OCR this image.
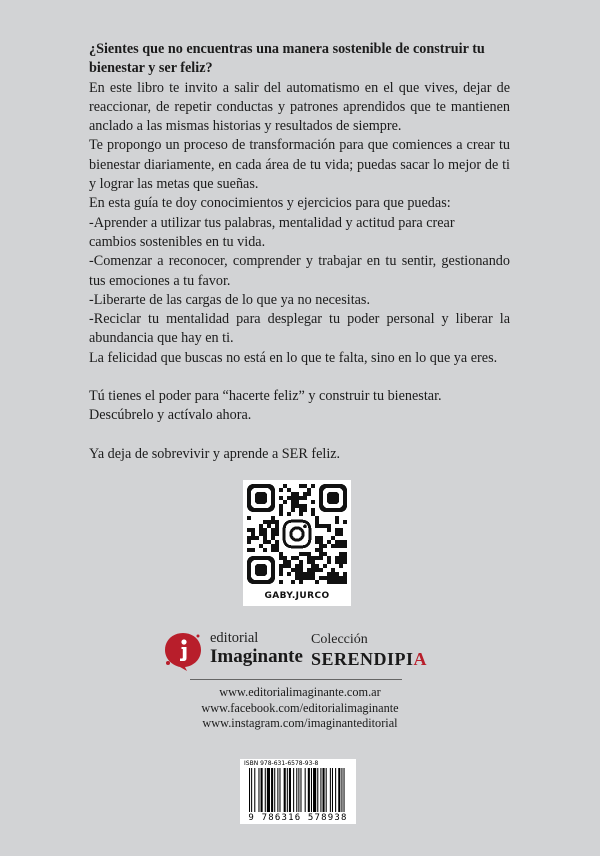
¿Sientes que no encuentras una manera sostenible de construir tu
bienestar y ser feliz?

En este libro te invito a salir del automatismo en el que vives, dejar de reaccionar, de repetir conductas y patrones aprendidos que te mantienen anclado a las mismas historias y resultados de siempre.

Te propongo un proceso de transformación para que comiences a crear tu bienestar diariamente, en cada área de tu vida; puedas sacar lo mejor de ti y lograr las metas que sueñas.

En esta guía te doy conocimientos y ejercicios para que puedas:

-Aprender a utilizar tus palabras, mentalidad y actitud para crear
cambios sostenibles en tu vida.

-Comenzar a reconocer, comprender y trabajar en tu sentir, gestionando tus emociones a tu favor.

-Liberarte de las cargas de lo que ya no necesitas.

-Reciclar tu mentalidad para desplegar tu poder personal y liberar la abundancia que hay en ti.

La felicidad que buscas no está en lo que te falta, sino en lo que ya eres.

Tú tienes el poder para “hacerte feliz” y construir tu bienestar.

Descúbrelo y actívalo ahora.

Ya deja de sobrevivir y aprende a SER feliz.

GABY.JURCO
editorial
Imaginante
Colección
SERENDIPIA
www.editorialimaginante.com.ar
www.facebook.com/editorialimaginante
www.instagram.com/imaginanteditorial
ISBN 978-631-6578-93-8
9 786316 578938
